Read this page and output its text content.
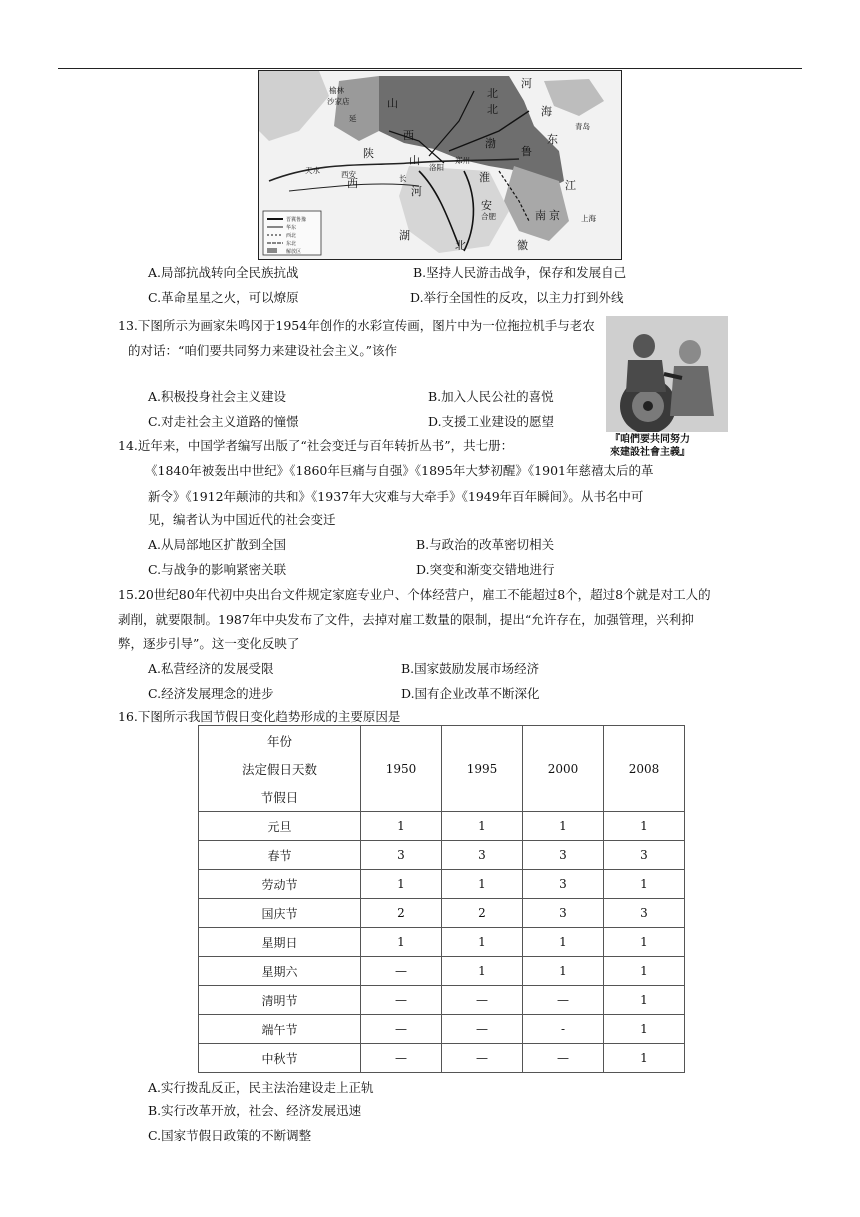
晋冀鲁豫
华东
西北
东北
解放区
河
北
山	北	海
东
西
陕
山
渤
鲁
江
淮
河
西
安
南 京
湖
北	徽
合肥
长
延
西安
天水
上海
青岛
郑州
洛阳
榆林
沙家店
A.局部抗战转向全民族抗战	B.坚持人民游击战争，保存和发展自己
C.革命星星之火，可以燎原	D.举行全国性的反攻，以主力打到外线
13.下图所示为画家朱鸣冈于1954年创作的水彩宣传画，图片中为一位拖拉机手与老农
的对话：“咱们要共同努力来建设社会主义。”该作
『咱們要共同努力
來建設社會主義』
A.积极投身社会主义建设	B.加入人民公社的喜悦
C.对走社会主义道路的憧憬	D.支援工业建设的愿望
14.近年来，中国学者编写出版了“社会变迁与百年转折丛书”，共七册：
《1840年被轰出中世纪》《1860年巨痛与自强》《1895年大梦初醒》《1901年慈禧太后的革
新令》《1912年颠沛的共和》《1937年大灾难与大牵手》《1949年百年瞬间》。从书名中可
见，编者认为中国近代的社会变迁
A.从局部地区扩散到全国	B.与政治的改革密切相关
C.与战争的影响紧密关联	D.突变和渐变交错地进行
15.20世纪80年代初中央出台文件规定家庭专业户、个体经营户，雇工不能超过8个，超过8个就是对工人的
剥削，就要限制。1987年中央发布了文件，去掉对雇工数量的限制，提出“允许存在，加强管理，兴利抑
弊，逐步引导”。这一变化反映了
A.私营经济的发展受限	B.国家鼓励发展市场经济
C.经济发展理念的进步	D.国有企业改革不断深化
16.下图所示我国节假日变化趋势形成的主要原因是
年份
法定假日天数
节假日	1950	1995	2000	2008
元旦	1	1	1	1
春节	3	3	3	3
劳动节	1	1	3	1
国庆节	2	2	3	3
星期日	1	1	1	1
星期六	—	1	1	1
清明节	—	—	—	1
端午节	—	—	-	1
中秋节	—	—	—	1
A.实行拨乱反正，民主法治建设走上正轨
B.实行改革开放，社会、经济发展迅速
C.国家节假日政策的不断调整
